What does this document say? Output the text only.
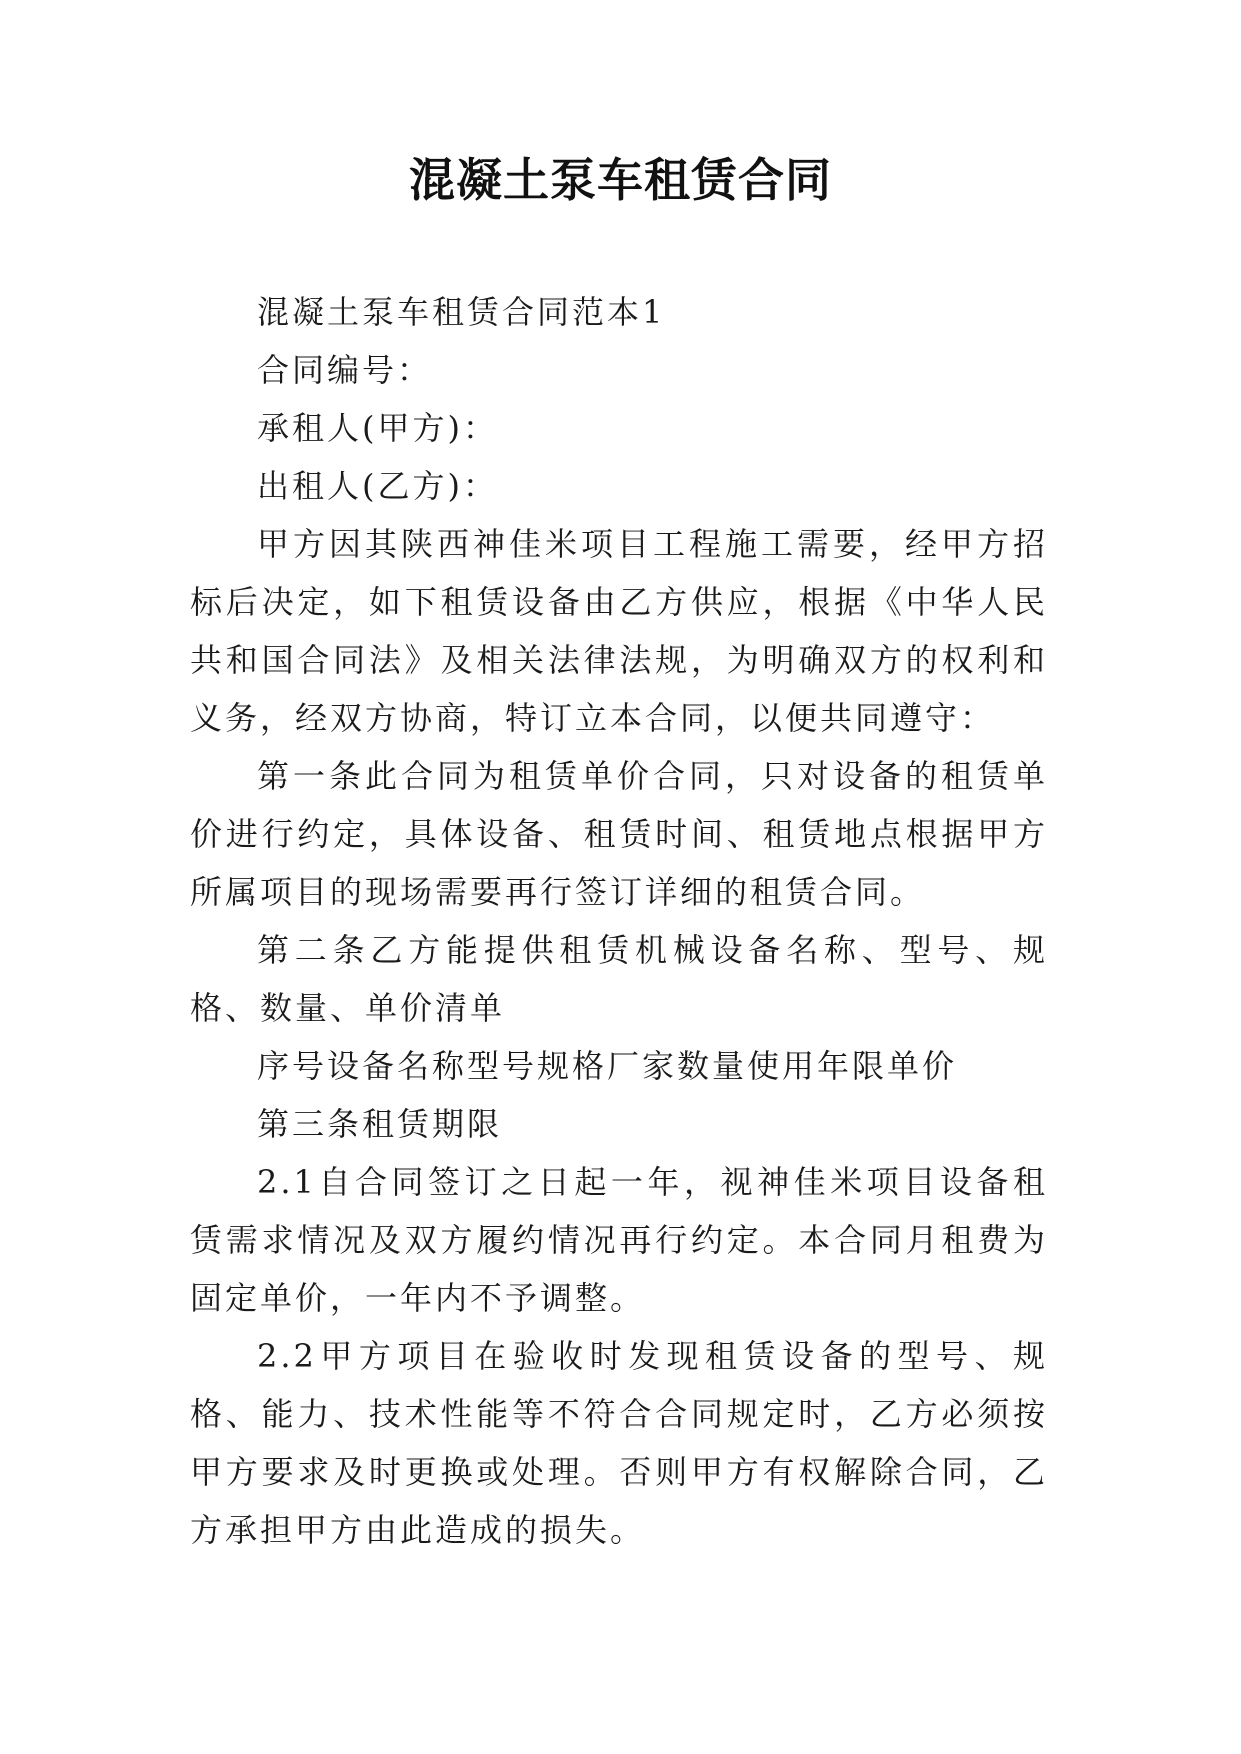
混凝土泵车租赁合同

混凝土泵车租赁合同范本1

合同编号：

承租人(甲方)：

出租人(乙方)：

甲方因其陕西神佳米项目工程施工需要，经甲方招标后决定，如下租赁设备由乙方供应，根据《中华人民共和国合同法》及相关法律法规，为明确双方的权利和义务，经双方协商，特订立本合同，以便共同遵守：

第一条此合同为租赁单价合同，只对设备的租赁单价进行约定，具体设备、租赁时间、租赁地点根据甲方所属项目的现场需要再行签订详细的租赁合同。

第二条乙方能提供租赁机械设备名称、型号、规格、数量、单价清单

序号设备名称型号规格厂家数量使用年限单价

第三条租赁期限

2.1自合同签订之日起一年，视神佳米项目设备租赁需求情况及双方履约情况再行约定。本合同月租费为固定单价，一年内不予调整。

2.2甲方项目在验收时发现租赁设备的型号、规格、能力、技术性能等不符合合同规定时，乙方必须按甲方要求及时更换或处理。否则甲方有权解除合同，乙方承担甲方由此造成的损失。
